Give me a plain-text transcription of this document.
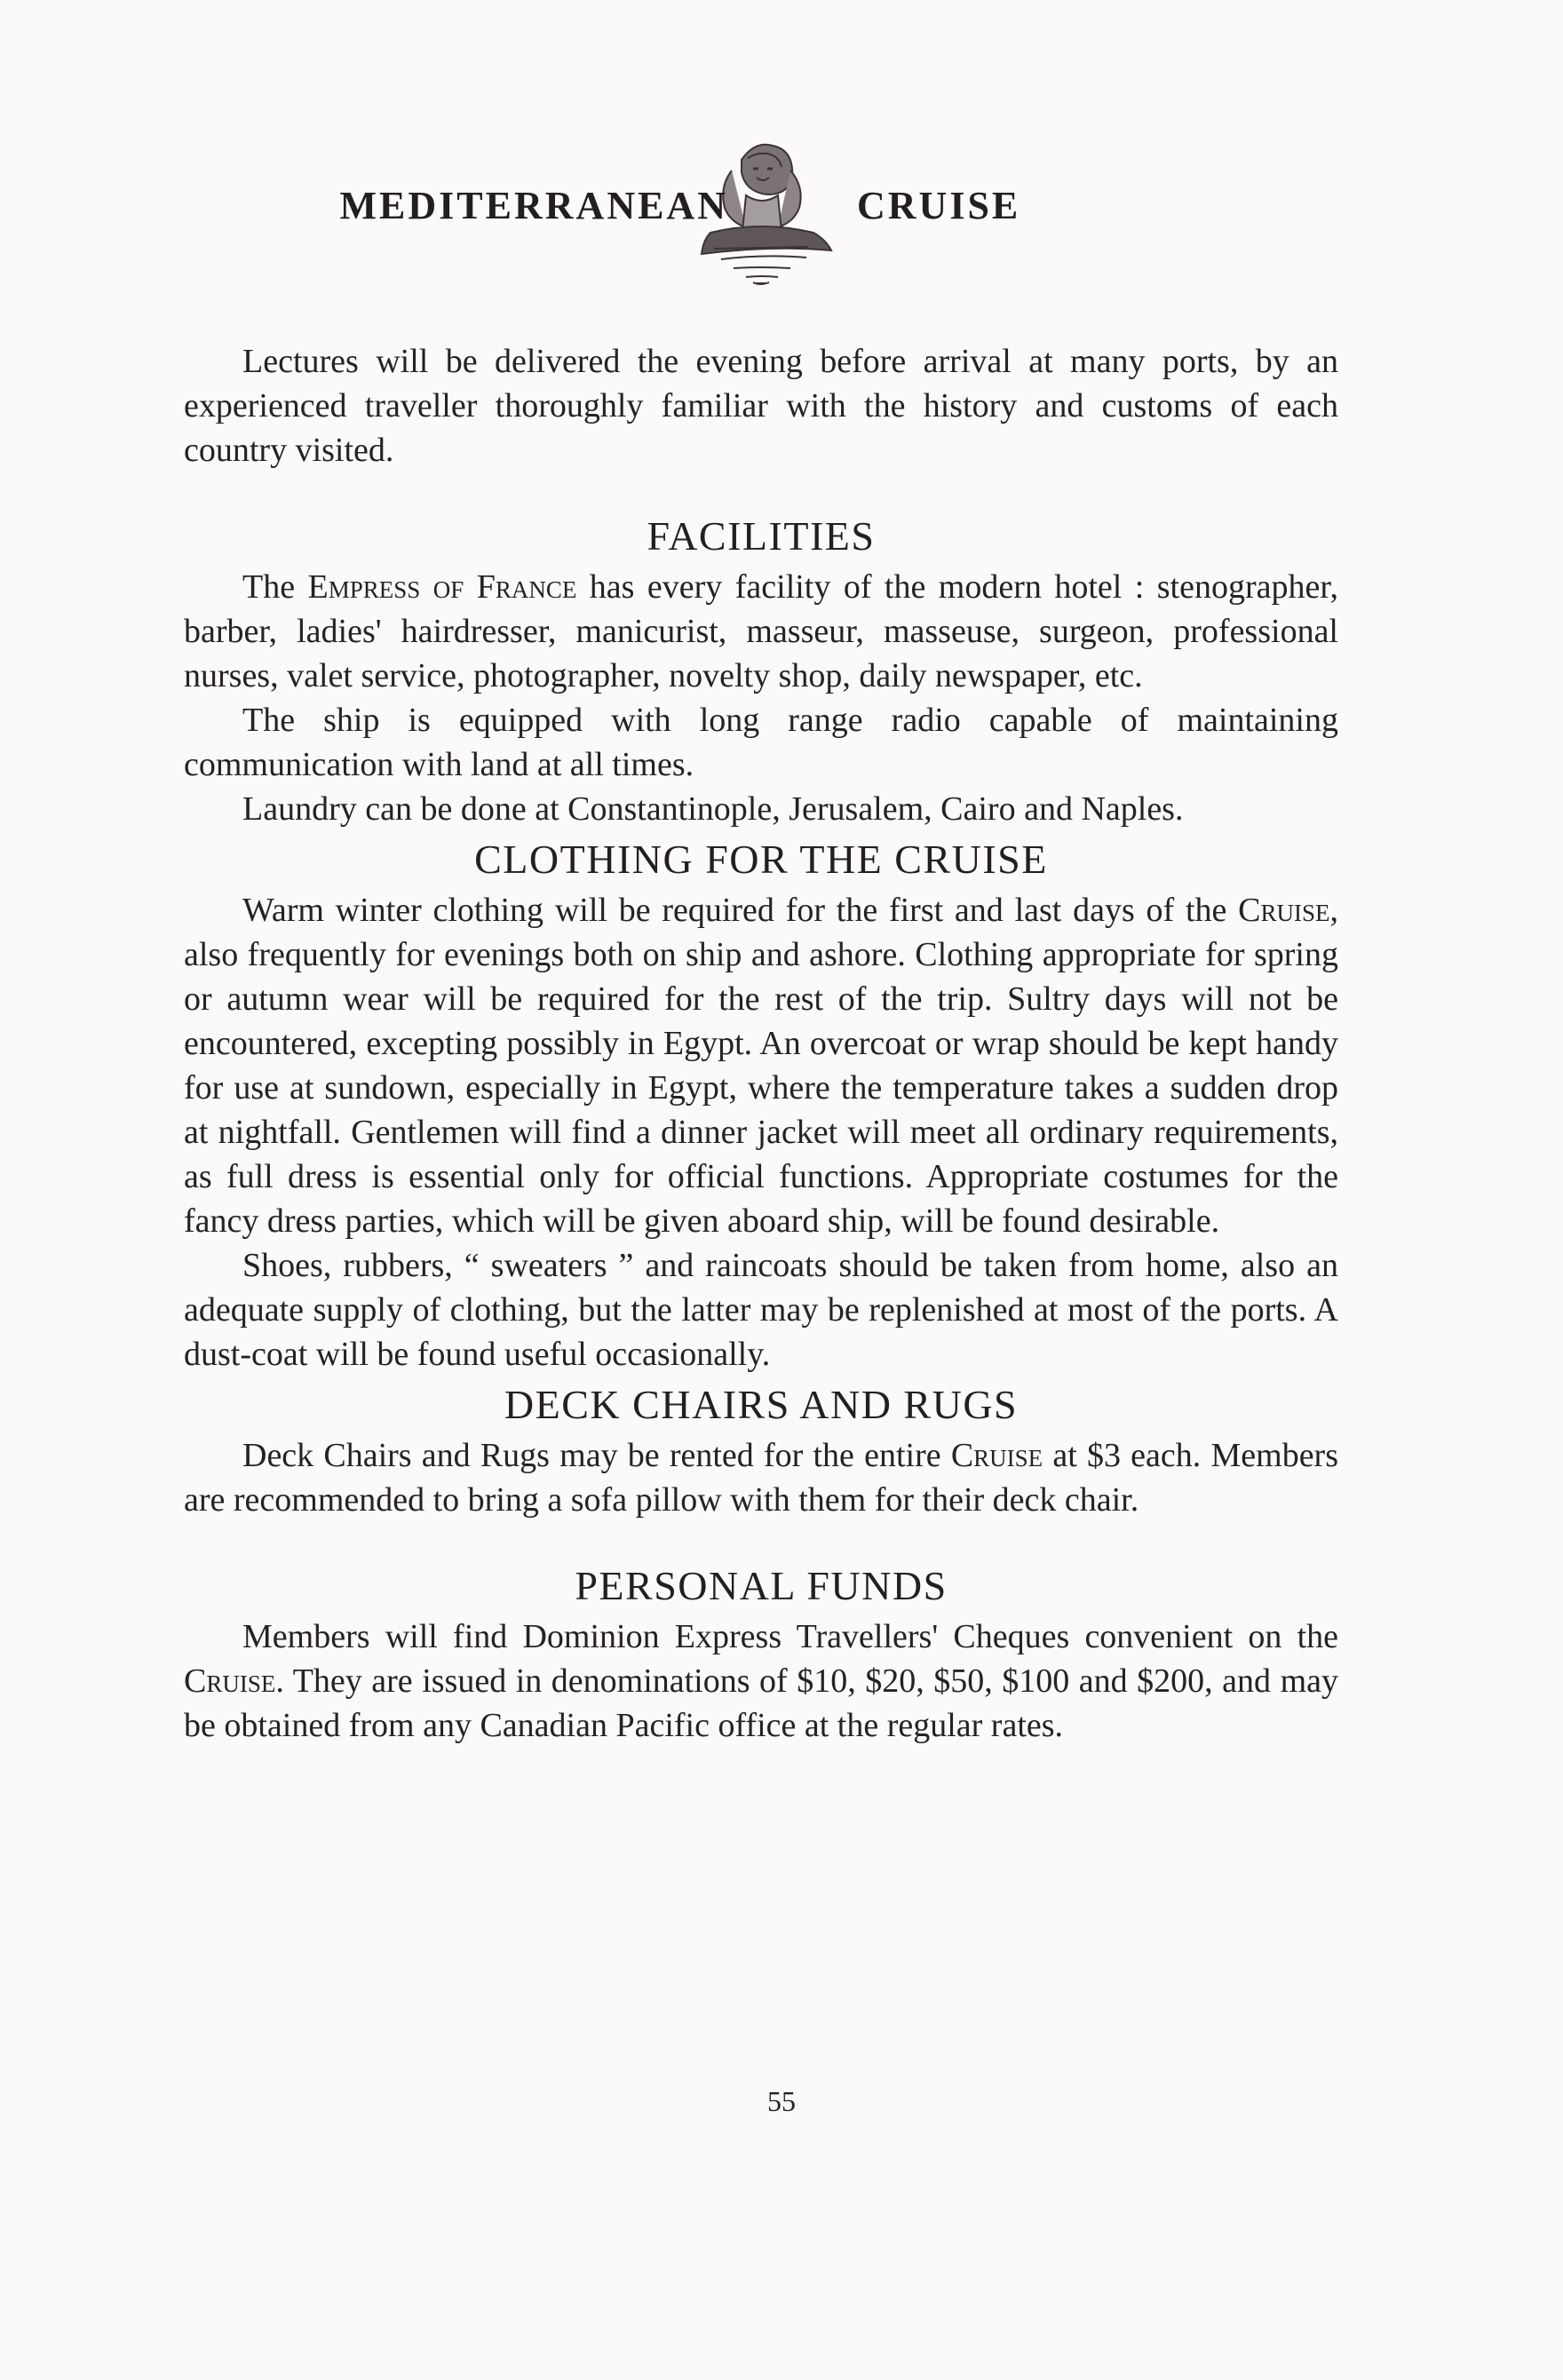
MEDITERRANEAN	CRUISE

Lectures will be delivered the evening before arrival at many ports, by an experienced traveller thoroughly familiar with the history and customs of each country visited.

FACILITIES

The Empress of France has every facility of the modern hotel : stenographer, barber, ladies' hairdresser, manicurist, masseur, masseuse, surgeon, professional nurses, valet service, photographer, novelty shop, daily newspaper, etc.

The ship is equipped with long range radio capable of maintaining communication with land at all times.

Laundry can be done at Constantinople, Jerusalem, Cairo and Naples.

CLOTHING FOR THE CRUISE

Warm winter clothing will be required for the first and last days of the Cruise, also frequently for evenings both on ship and ashore. Clothing appropriate for spring or autumn wear will be required for the rest of the trip. Sultry days will not be encountered, excepting possibly in Egypt. An overcoat or wrap should be kept handy for use at sundown, especially in Egypt, where the temperature takes a sudden drop at nightfall. Gentlemen will find a dinner jacket will meet all ordinary requirements, as full dress is essential only for official functions. Appropriate costumes for the fancy dress parties, which will be given aboard ship, will be found desirable.

Shoes, rubbers, “ sweaters ” and raincoats should be taken from home, also an adequate supply of clothing, but the latter may be replenished at most of the ports. A dust-coat will be found useful occasionally.

DECK CHAIRS AND RUGS

Deck Chairs and Rugs may be rented for the entire Cruise at $3 each. Members are recommended to bring a sofa pillow with them for their deck chair.

PERSONAL FUNDS

Members will find Dominion Express Travellers' Cheques convenient on the Cruise. They are issued in denominations of $10, $20, $50, $100 and $200, and may be obtained from any Canadian Pacific office at the regular rates.

55
